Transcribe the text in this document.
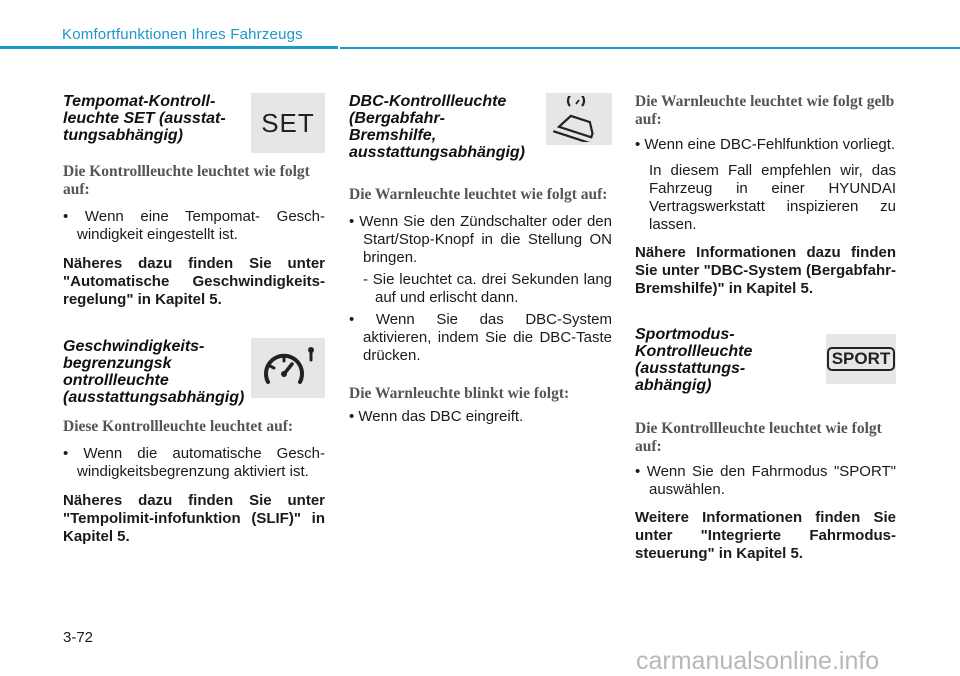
Komfortfunktionen Ihres Fahrzeugs
Tempomat-Kontroll-
leuchte SET (ausstat-
tungsabhängig)	SET
Die Kontrollleuchte leuchtet wie folgt auf:
• Wenn eine Tempomat- Gesch-windigkeit eingestellt ist.
Näheres dazu finden Sie unter "Automatische Geschwindigkeits-regelung" in Kapitel 5.
Geschwindigkeits-
begrenzungsk
ontrollleuchte
(ausstattungsabhängig)
Diese Kontrollleuchte leuchtet auf:
• Wenn die automatische Gesch-windigkeitsbegrenzung aktiviert ist.
Näheres dazu finden Sie unter "Tempolimit-infofunktion (SLIF)" in Kapitel 5.
DBC-Kontrollleuchte
(Bergabfahr-
Bremshilfe,
ausstattungsabhängig)
Die Warnleuchte leuchtet wie folgt auf:
• Wenn Sie den Zündschalter oder den Start/Stop-Knopf in die Stellung ON bringen.
- Sie leuchtet ca. drei Sekunden lang auf und erlischt dann.
• Wenn Sie das DBC-System aktivieren, indem Sie die DBC-Taste drücken.
Die Warnleuchte blinkt wie folgt:
• Wenn das DBC eingreift.
Die Warnleuchte leuchtet wie folgt gelb auf:
• Wenn eine DBC-Fehlfunktion vorliegt.
In diesem Fall empfehlen wir, das Fahrzeug in einer HYUNDAI Vertragswerkstatt inspizieren zu lassen.
Nähere Informationen dazu finden Sie unter "DBC-System (Bergabfahr-Bremshilfe)" in Kapitel 5.
Sportmodus-
Kontrollleuchte
(ausstattungs-
abhängig)
SPORT
Die Kontrollleuchte leuchtet wie folgt auf:
• Wenn Sie den Fahrmodus "SPORT" auswählen.
Weitere Informationen finden Sie unter "Integrierte Fahrmodus-steuerung" in Kapitel 5.
3-72
carmanualsonline.info
